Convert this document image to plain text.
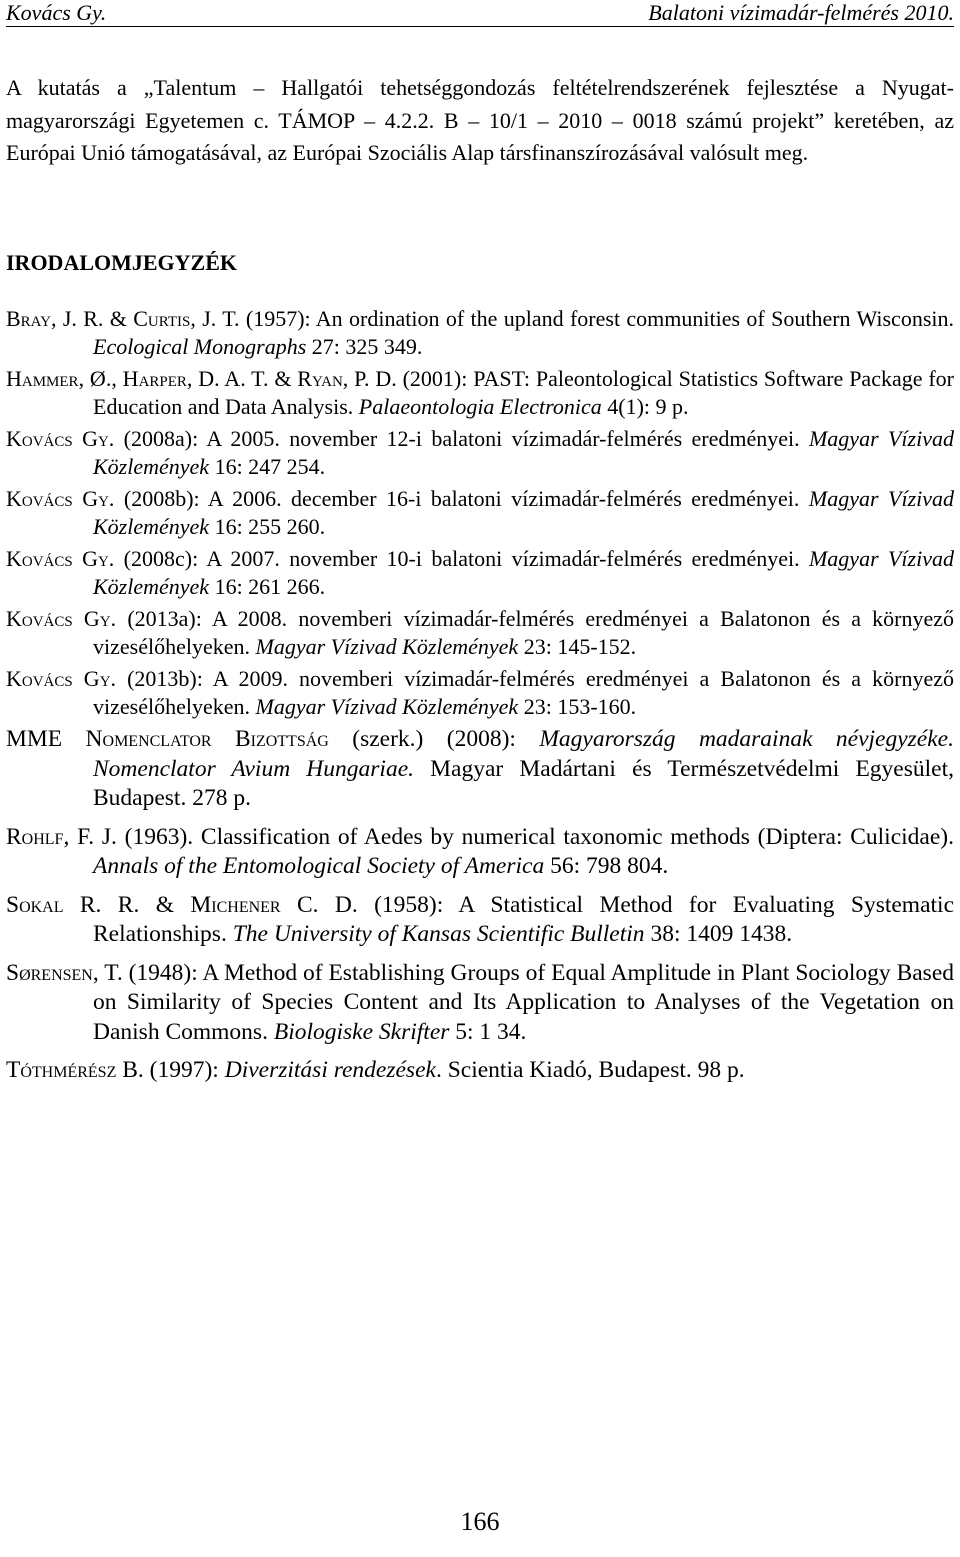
Kovács Gy.	Balatoni vízimadár-felmérés 2010.

A kutatás a „Talentum – Hallgatói tehetséggondozás feltételrendszerének fejlesztése a Nyugat-magyarországi Egyetemen c. TÁMOP – 4.2.2. B – 10/1 – 2010 – 0018 számú projekt” keretében, az Európai Unió támogatásával, az Európai Szociális Alap társfinanszírozásával valósult meg.

IRODALOMJEGYZÉK

Bray, J. R. & Curtis, J. T. (1957): An ordination of the upland forest communities of Southern Wisconsin. Ecological Monographs 27: 325 349.

Hammer, Ø., Harper, D. A. T. & Ryan, P. D. (2001): PAST: Paleontological Statistics Software Package for Education and Data Analysis. Palaeontologia Electronica 4(1): 9 p.

Kovács Gy. (2008a): A 2005. november 12-i balatoni vízimadár-felmérés eredményei. Magyar Vízivad Közlemények 16: 247 254.

Kovács Gy. (2008b): A 2006. december 16-i balatoni vízimadár-felmérés eredményei. Magyar Vízivad Közlemények 16: 255 260.

Kovács Gy. (2008c): A 2007. november 10-i balatoni vízimadár-felmérés eredményei. Magyar Vízivad Közlemények 16: 261 266.

Kovács Gy. (2013a): A 2008. novemberi vízimadár-felmérés eredményei a Balatonon és a környező vizesélőhelyeken. Magyar Vízivad Közlemények 23: 145-152.

Kovács Gy. (2013b): A 2009. novemberi vízimadár-felmérés eredményei a Balatonon és a környező vizesélőhelyeken. Magyar Vízivad Közlemények 23: 153-160.

MME Nomenclator Bizottság (szerk.) (2008): Magyarország madarainak névjegyzéke. Nomenclator Avium Hungariae. Magyar Madártani és Természetvédelmi Egyesület, Budapest. 278 p.

Rohlf, F. J. (1963). Classification of Aedes by numerical taxonomic methods (Diptera: Culicidae). Annals of the Entomological Society of America 56: 798 804.

Sokal R. R. & Michener C. D. (1958): A Statistical Method for Evaluating Systematic Relationships. The University of Kansas Scientific Bulletin 38: 1409 1438.

Sørensen, T. (1948): A Method of Establishing Groups of Equal Amplitude in Plant Sociology Based on Similarity of Species Content and Its Application to Analyses of the Vegetation on Danish Commons. Biologiske Skrifter 5: 1 34.

Tóthmérész B. (1997): Diverzitási rendezések. Scientia Kiadó, Budapest. 98 p.

166
